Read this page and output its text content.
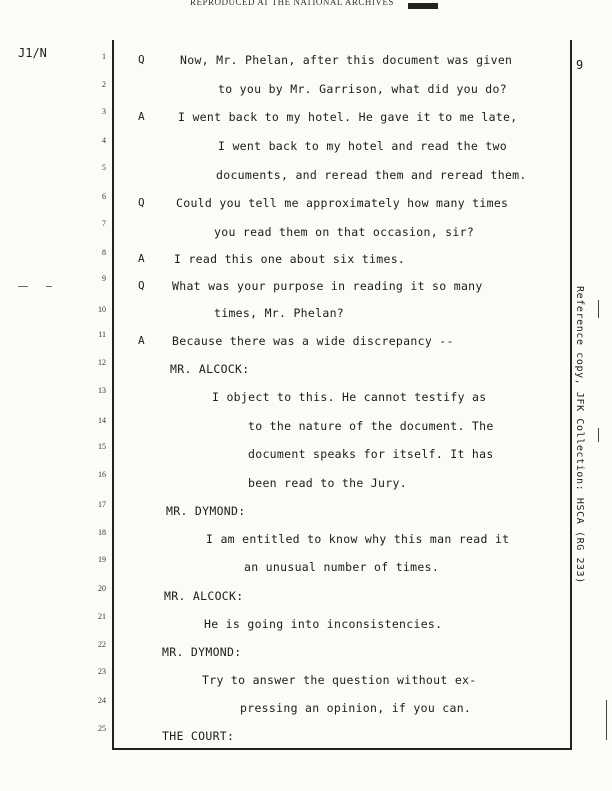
REPRODUCED AT THE NATIONAL ARCHIVES
J1/N
9
Reference copy, JFK Collection: HSCA (RG 233)
1
2
3
4
5
6
7
8
9
10
11
12
13
14
15
16
17
18
19
20
21
22
23
24
25
Q	Now, Mr. Phelan, after this document was given
to you by Mr. Garrison, what did you do?
A	I went back to my hotel. He gave it to me late,
I went back to my hotel and read the two
documents, and reread them and reread them.
Q	Could you tell me approximately how many times
you read them on that occasion, sir?
A	I read this one about six times.
Q What was your purpose in reading it so many
times, Mr. Phelan?
A Because there was a wide discrepancy --
MR. ALCOCK:
I object to this. He cannot testify as
to the nature of the document. The
document speaks for itself. It has
been read to the Jury.
MR. DYMOND:
I am entitled to know why this man read it
an unusual number of times.
MR. ALCOCK:
He is going into inconsistencies.
MR. DYMOND:
Try to answer the question without ex-
pressing an opinion, if you can.
THE COURT:
